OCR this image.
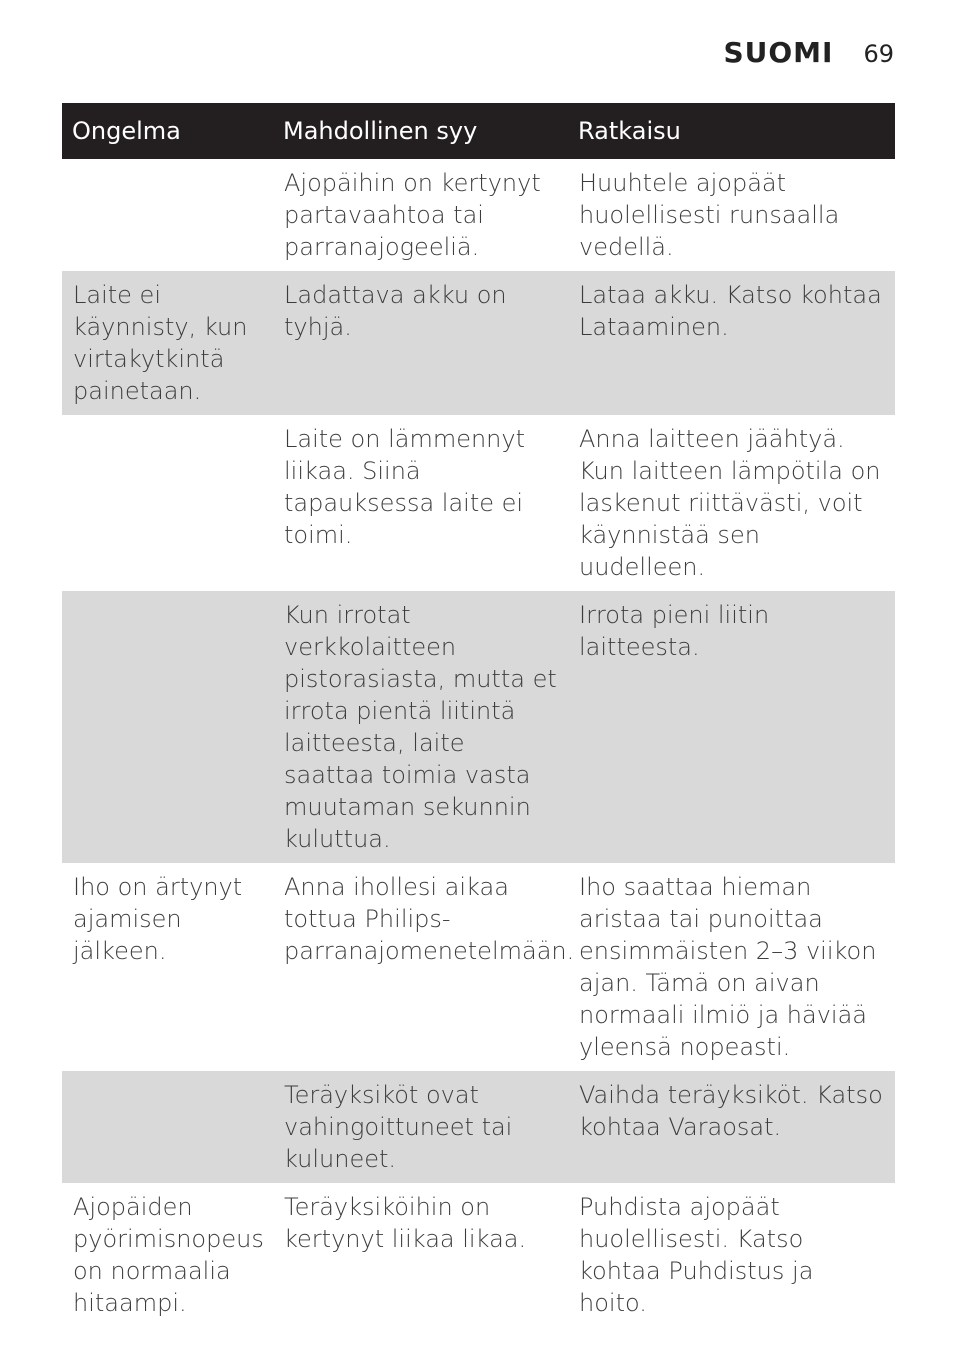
SUOMI 69
Ongelma	Mahdollinen syy	Ratkaisu
	Ajopäihin on kertynyt partavaahtoa tai parranajogeeliä.	Huuhtele ajopäät huolellisesti runsaalla vedellä.
Laite ei käynnisty, kun virtakytkintä painetaan.	Ladattava akku on tyhjä.	Lataa akku. Katso kohtaa Lataaminen.
	Laite on lämmennyt liikaa. Siinä tapauksessa laite ei toimi.	Anna laitteen jäähtyä. Kun laitteen lämpötila on laskenut riittävästi, voit käynnistää sen uudelleen.
	Kun irrotat verkkolaitteen pistorasiasta, mutta et irrota pientä liitintä laitteesta, laite saattaa toimia vasta muutaman sekunnin kuluttua.	Irrota pieni liitin laitteesta.
Iho on ärtynyt ajamisen jälkeen.	Anna ihollesi aikaa tottua Philips-parranajomenetelmään.	Iho saattaa hieman aristaa tai punoittaa ensimmäisten 2–3 viikon ajan. Tämä on aivan normaali ilmiö ja häviää yleensä nopeasti.
	Teräyksiköt ovat vahingoittuneet tai kuluneet.	Vaihda teräyksiköt. Katso kohtaa Varaosat.
Ajopäiden pyörimisnopeus on normaalia hitaampi.	Teräyksiköihin on kertynyt liikaa likaa.	Puhdista ajopäät huolellisesti. Katso kohtaa Puhdistus ja hoito.
